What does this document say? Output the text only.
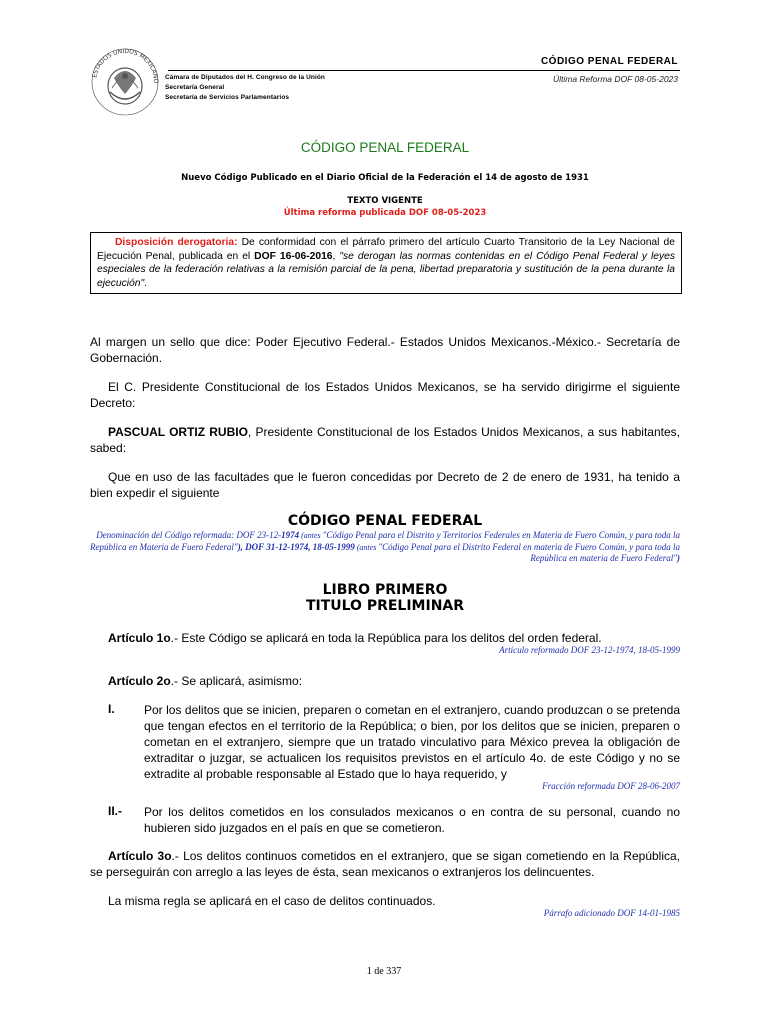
ESTADOS UNIDOS MEXICANO Cámara de Diputados del H. Congreso de la Unión
Secretaría General
Secretaría de Servicios Parlamentarios
CÓDIGO PENAL FEDERAL
Última Reforma DOF 08-05-2023
CÓDIGO PENAL FEDERAL
Nuevo Código Publicado en el Diario Oficial de la Federación el 14 de agosto de 1931
TEXTO VIGENTE
Última reforma publicada DOF 08-05-2023
Disposición derogatoria: De conformidad con el párrafo primero del artículo Cuarto Transitorio de la Ley Nacional de Ejecución Penal, publicada en el DOF 16-06-2016, "se derogan las normas contenidas en el Código Penal Federal y leyes especiales de la federación relativas a la remisión parcial de la pena, libertad preparatoria y sustitución de la pena durante la ejecución".
Al margen un sello que dice: Poder Ejecutivo Federal.- Estados Unidos Mexicanos.-México.- Secretaría de Gobernación.
El C. Presidente Constitucional de los Estados Unidos Mexicanos, se ha servido dirigirme el siguiente Decreto:
PASCUAL ORTIZ RUBIO, Presidente Constitucional de los Estados Unidos Mexicanos, a sus habitantes, sabed:
Que en uso de las facultades que le fueron concedidas por Decreto de 2 de enero de 1931, ha tenido a bien expedir el siguiente
CÓDIGO PENAL FEDERAL
Denominación del Código reformada: DOF 23-12-1974 (antes "Código Penal para el Distrito y Territorios Federales en Materia de Fuero Común, y para toda la República en Materia de Fuero Federal"), DOF 31-12-1974, 18-05-1999 (antes "Código Penal para el Distrito Federal en materia de Fuero Común, y para toda la República en materia de Fuero Federal")
LIBRO PRIMERO
TITULO PRELIMINAR
Artículo 1o.- Este Código se aplicará en toda la República para los delitos del orden federal.
Artículo reformado DOF 23-12-1974, 18-05-1999
Artículo 2o.- Se aplicará, asimismo:
I. Por los delitos que se inicien, preparen o cometan en el extranjero, cuando produzcan o se pretenda que tengan efectos en el territorio de la República; o bien, por los delitos que se inicien, preparen o cometan en el extranjero, siempre que un tratado vinculativo para México prevea la obligación de extraditar o juzgar, se actualicen los requisitos previstos en el artículo 4o. de este Código y no se extradite al probable responsable al Estado que lo haya requerido, y
Fracción reformada DOF 28-06-2007
II.- Por los delitos cometidos en los consulados mexicanos o en contra de su personal, cuando no hubieren sido juzgados en el país en que se cometieron.
Artículo 3o.- Los delitos continuos cometidos en el extranjero, que se sigan cometiendo en la República, se perseguirán con arreglo a las leyes de ésta, sean mexicanos o extranjeros los delincuentes.
La misma regla se aplicará en el caso de delitos continuados.
Párrafo adicionado DOF 14-01-1985
1 de 337
